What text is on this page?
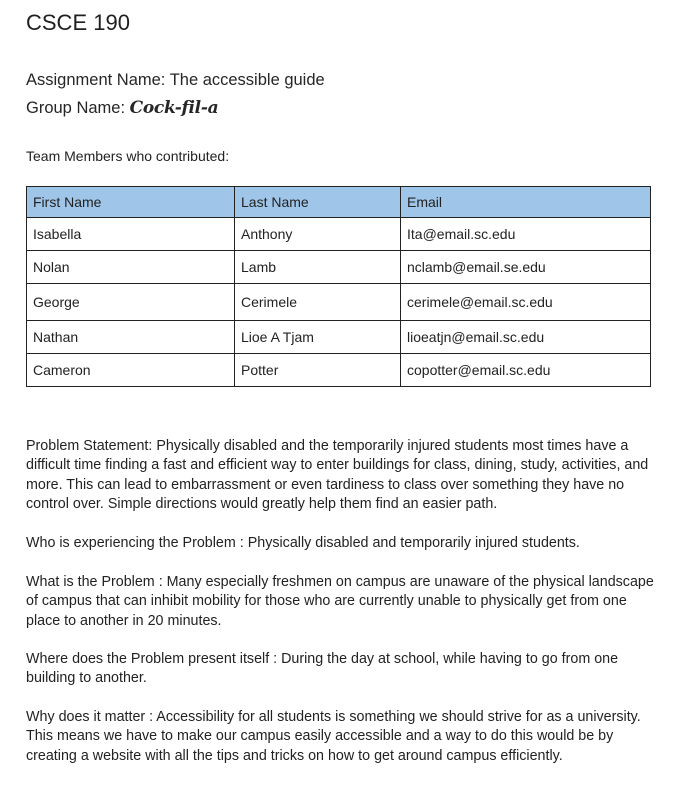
CSCE 190
Assignment Name: The accessible guide
Group Name: Cock-fil-a
Team Members who contributed:
First Name	Last Name	Email
Isabella	Anthony	Ita@email.sc.edu
Nolan	Lamb	nclamb@email.se.edu
George	Cerimele	cerimele@email.sc.edu
Nathan	Lioe A Tjam	lioeatjn@email.sc.edu
Cameron	Potter	copotter@email.sc.edu
Problem Statement: Physically disabled and the temporarily injured students most times have a difficult time finding a fast and efficient way to enter buildings for class, dining, study, activities, and more. This can lead to embarrassment or even tardiness to class over something they have no control over. Simple directions would greatly help them find an easier path.
Who is experiencing the Problem : Physically disabled and temporarily injured students.
What is the Problem : Many especially freshmen on campus are unaware of the physical landscape of campus that can inhibit mobility for those who are currently unable to physically get from one place to another in 20 minutes.
Where does the Problem present itself : During the day at school, while having to go from one building to another.
Why does it matter : Accessibility for all students is something we should strive for as a university. This means we have to make our campus easily accessible and a way to do this would be by creating a website with all the tips and tricks on how to get around campus efficiently.
